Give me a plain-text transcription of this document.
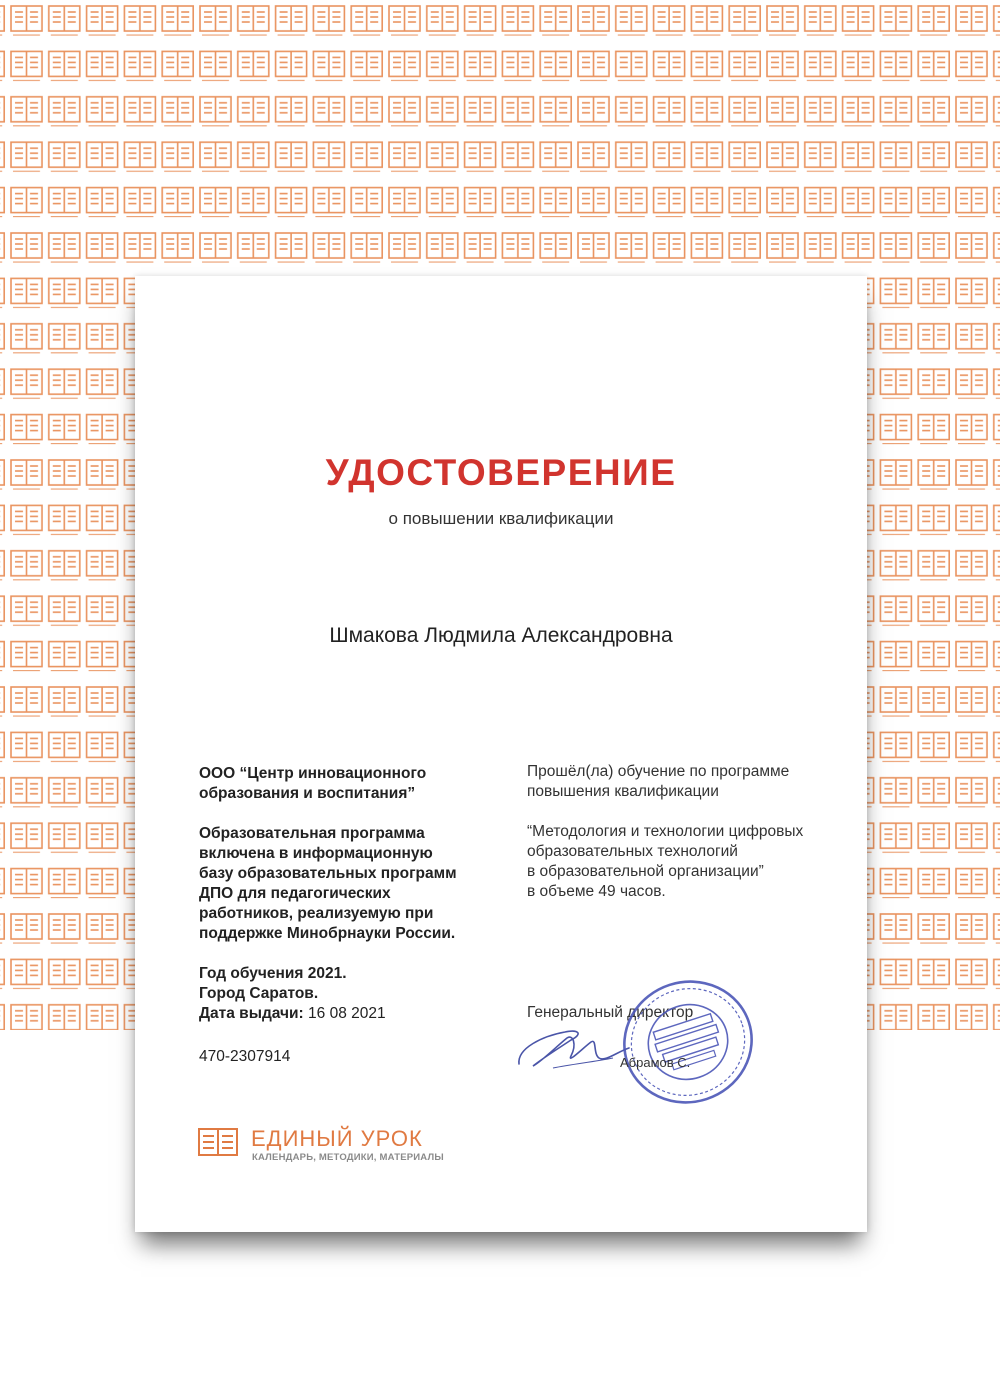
УДОСТОВЕРЕНИЕ
о повышении квалификации
Шмакова Людмила Александровна
ООО “Центр инновационного
образования и воспитания”
Образовательная программа
включена в информационную
базу образовательных программ
ДПО для педагогических
работников, реализуемую при
поддержке Минобрнауки России.
Год обучения 2021.
Город Саратов.
Дата выдачи: 16 08 2021
470-2307914
Прошёл(ла) обучение по программе
повышения квалификации
“Методология и технологии цифровых
образовательных технологий
в образовательной организации”
в объеме 49 часов.
Генеральный директор
Абрамов С.
ЕДИНЫЙ УРОК
КАЛЕНДАРЬ, МЕТОДИКИ, МАТЕРИАЛЫ
